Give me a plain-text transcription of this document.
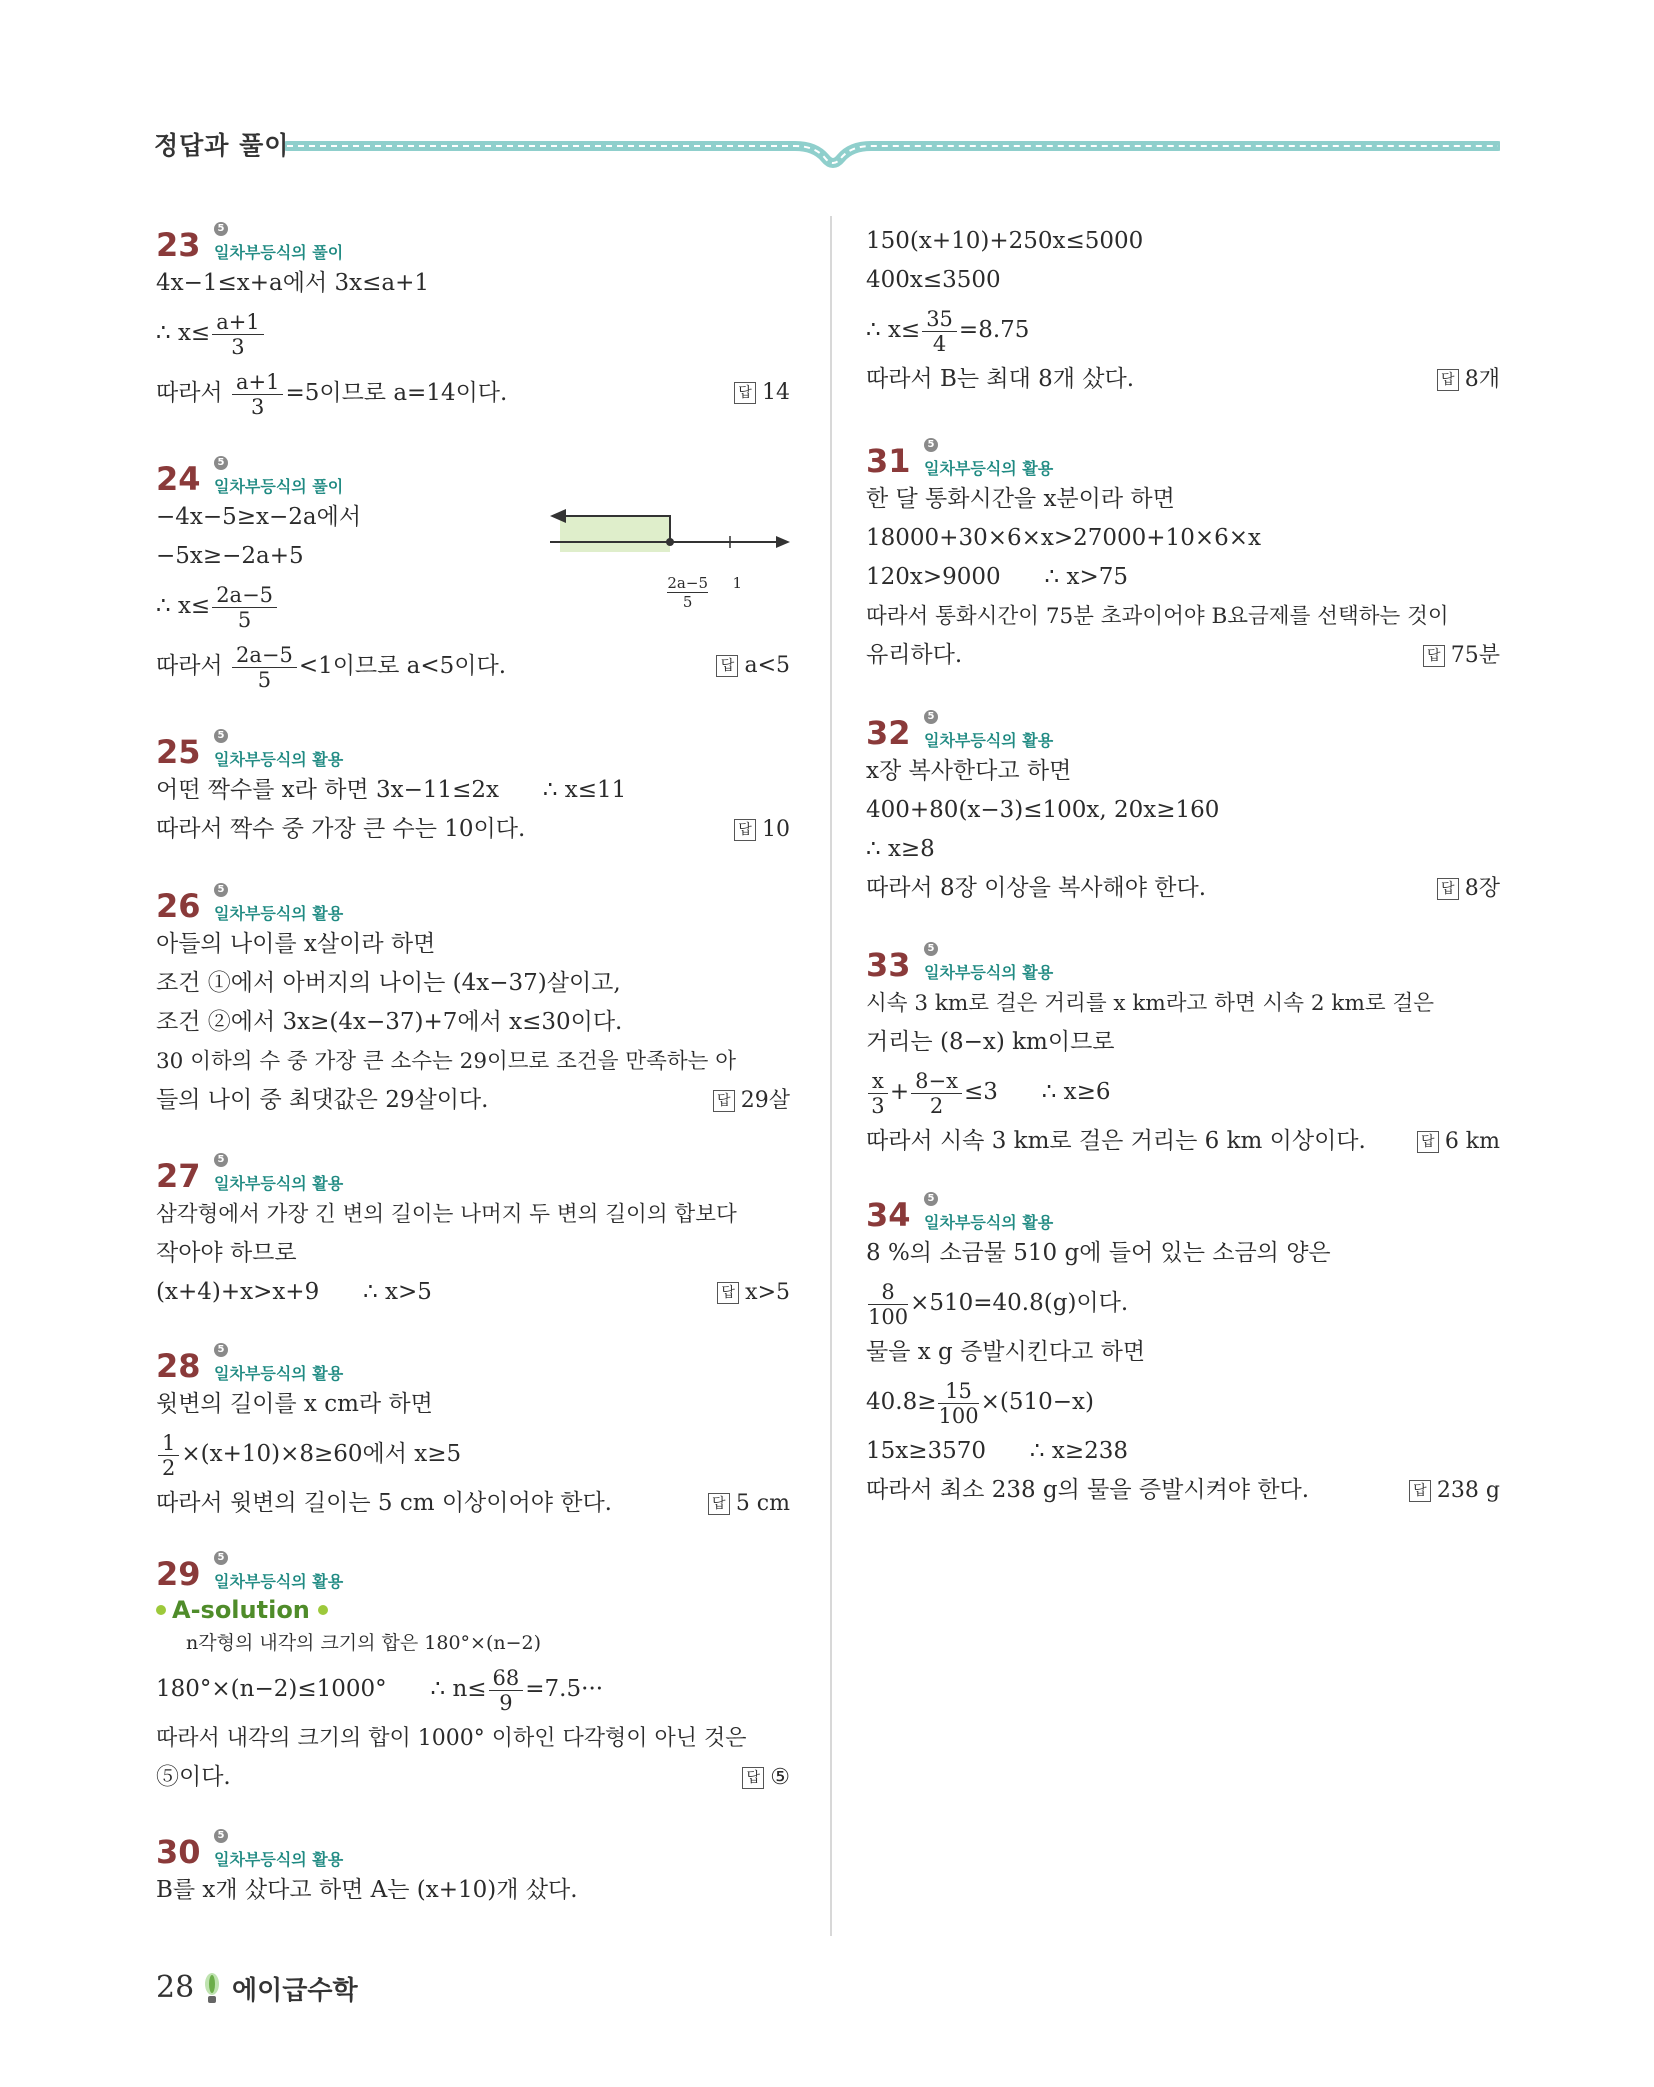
정답과 풀이
23	5
일차부등식의 풀이
4x−1≤x+a에서 3x≤a+1
∴ $x\le \frac{a+1}{3}$
따라서 $\frac{a+1}{3} =5$이므로 a=14이다.	답 14
24	5
일차부등식의 풀이
$\frac{2a-5}{5} 1$
−4x−5≥x−2a에서
−5x≥−2a+5
∴ $x\le \frac{2a-5}{5}$
따라서 $\frac{2a-5}{5} <1$이므로 a<5이다.	답 a<5
25	5
일차부등식의 활용
어떤 짝수를 x라 하면 3x−11≤2x      ∴ x≤11
따라서 짝수 중 가장 큰 수는 10이다.	답 10
26	5
일차부등식의 활용
아들의 나이를 x살이라 하면
조건 ①에서 아버지의 나이는 (4x−37)살이고,
조건 ②에서 3x≥(4x−37)+7에서 x≤30이다.
30 이하의 수 중 가장 큰 소수는 29이므로 조건을 만족하는 아
들의 나이 중 최댓값은 29살이다.	답 29살
27	5
일차부등식의 활용
삼각형에서 가장 긴 변의 길이는 나머지 두 변의 길이의 합보다
작아야 하므로
(x+4)+x>x+9      ∴ x>5	답 x>5
28	5
일차부등식의 활용
윗변의 길이를 x cm라 하면
$\frac{1}{2} \times(x+10)\times 8\ge 60$에서 x≥5
따라서 윗변의 길이는 5 cm 이상이어야 한다.	답 5 cm
29	5
일차부등식의 활용
A-solution
n각형의 내각의 크기의 합은 180°×(n−2)
180°×(n−2)≤1000°      ∴ $n\le \frac{68}{9} =7.5\cdot\cdot\cdot$
따라서 내각의 크기의 합이 1000° 이하인 다각형이 아닌 것은
⑤이다.	답 ⑤
30	5
일차부등식의 활용
B를 x개 샀다고 하면 A는 (x+10)개 샀다.
150(x+10)+250x≤5000
400x≤3500
∴ $x\le \frac{35}{4} =8.75$
따라서 B는 최대 8개 샀다.	답 8개
31	5
일차부등식의 활용
한 달 통화시간을 x분이라 하면
18000+30×6×x>27000+10×6×x
120x>9000      ∴ x>75
따라서 통화시간이 75분 초과이어야 B요금제를 선택하는 것이
유리하다.	답 75분
32	5
일차부등식의 활용
x장 복사한다고 하면
400+80(x−3)≤100x, 20x≥160
∴ x≥8
따라서 8장 이상을 복사해야 한다.	답 8장
33	5
일차부등식의 활용
시속 3 km로 걸은 거리를 x km라고 하면 시속 2 km로 걸은
거리는 (8−x) km이므로
$\frac{x}{3} + \frac{8-x}{2} \le 3$      ∴ x≥6
따라서 시속 3 km로 걸은 거리는 6 km 이상이다.	답 6 km
34	5
일차부등식의 활용
8 %의 소금물 510 g에 들어 있는 소금의 양은
$\frac{8}{100} \times 510=40.8(g)$이다.
물을 x g 증발시킨다고 하면
$40.8\ge \frac{15}{100} \times(510-x)$
15x≥3570      ∴ x≥238
따라서 최소 238 g의 물을 증발시켜야 한다.	답 238 g
28 에이급수학
